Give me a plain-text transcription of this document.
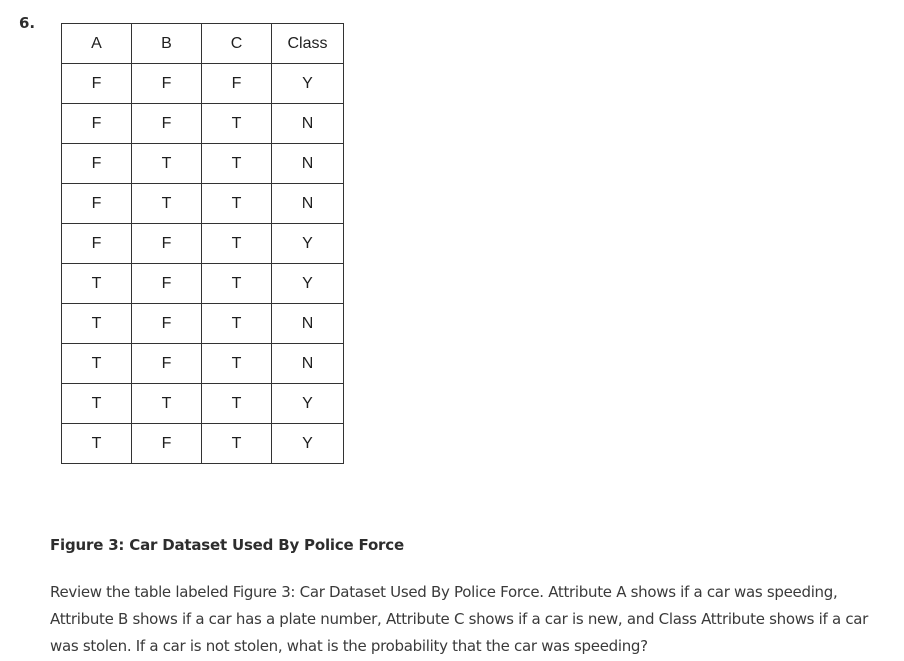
6.
A	B	C	Class
F	F	F	Y
F	F	T	N
F	T	T	N
F	T	T	N
F	F	T	Y
T	F	T	Y
T	F	T	N
T	F	T	N
T	T	T	Y
T	F	T	Y
Figure 3: Car Dataset Used By Police Force
Review the table labeled Figure 3: Car Dataset Used By Police Force. Attribute A shows if a car was speeding, Attribute B shows if a car has a plate number, Attribute C shows if a car is new, and Class Attribute shows if a car was stolen. If a car is not stolen, what is the probability that the car was speeding?
